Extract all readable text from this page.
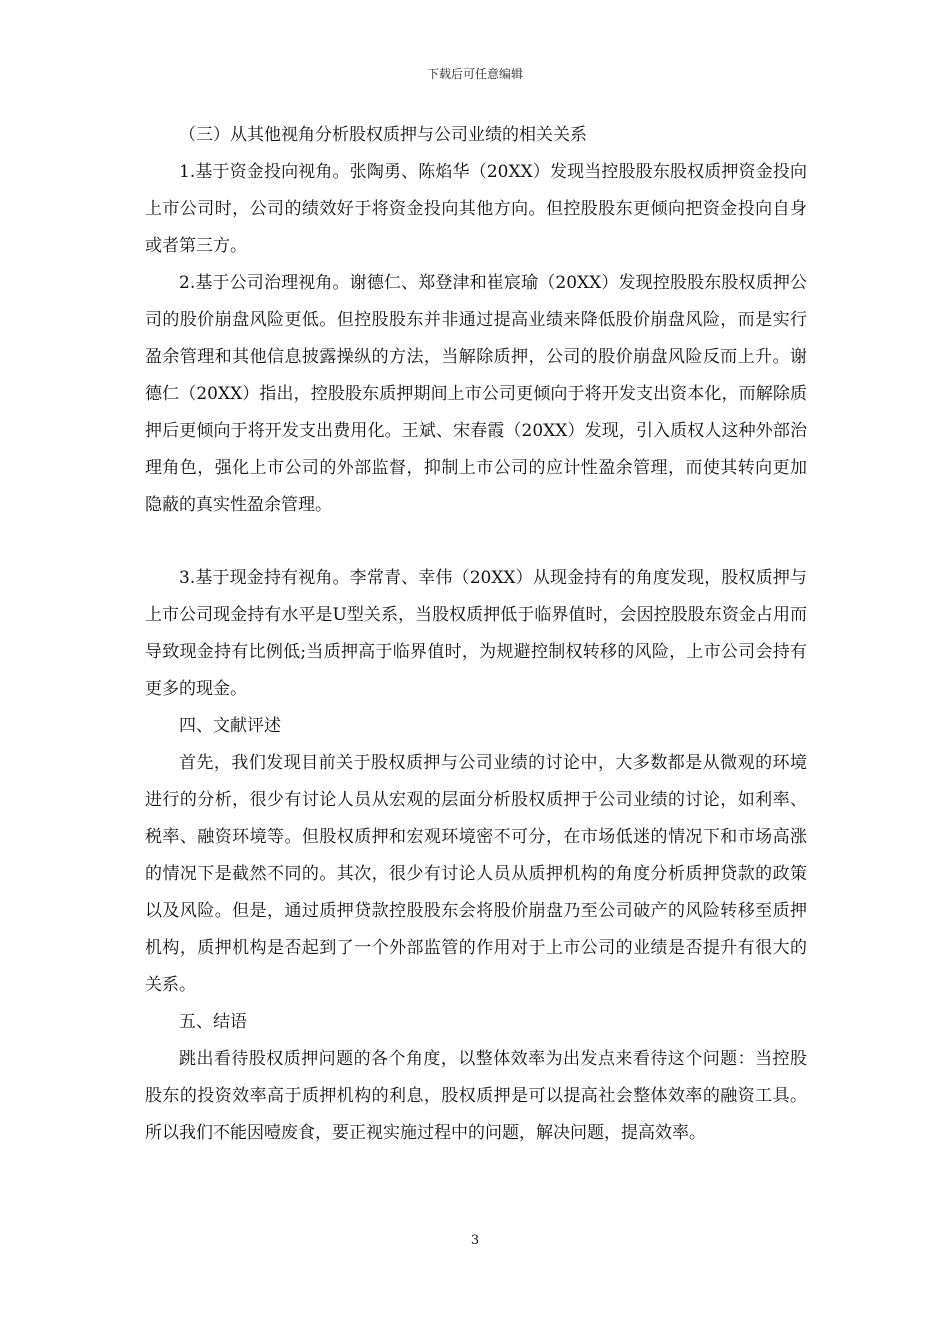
下载后可任意编辑

（三）从其他视角分析股权质押与公司业绩的相关关系

1.基于资金投向视角。张陶勇、陈焰华（20XX）发现当控股股东股权质押资金投向上市公司时，公司的绩效好于将资金投向其他方向。但控股股东更倾向把资金投向自身或者第三方。

2.基于公司治理视角。谢德仁、郑登津和崔宸瑜（20XX）发现控股股东股权质押公司的股价崩盘风险更低。但控股股东并非通过提高业绩来降低股价崩盘风险，而是实行盈余管理和其他信息披露操纵的方法，当解除质押，公司的股价崩盘风险反而上升。谢德仁（20XX）指出，控股股东质押期间上市公司更倾向于将开发支出资本化，而解除质押后更倾向于将开发支出费用化。王斌、宋春霞（20XX）发现，引入质权人这种外部治理角色，强化上市公司的外部监督，抑制上市公司的应计性盈余管理，而使其转向更加隐蔽的真实性盈余管理。

3.基于现金持有视角。李常青、幸伟（20XX）从现金持有的角度发现，股权质押与上市公司现金持有水平是U型关系，当股权质押低于临界值时，会因控股股东资金占用而导致现金持有比例低;当质押高于临界值时，为规避控制权转移的风险，上市公司会持有更多的现金。

四、文献评述

首先，我们发现目前关于股权质押与公司业绩的讨论中，大多数都是从微观的环境进行的分析，很少有讨论人员从宏观的层面分析股权质押于公司业绩的讨论，如利率、税率、融资环境等。但股权质押和宏观环境密不可分，在市场低迷的情况下和市场高涨的情况下是截然不同的。其次，很少有讨论人员从质押机构的角度分析质押贷款的政策以及风险。但是，通过质押贷款控股股东会将股价崩盘乃至公司破产的风险转移至质押机构，质押机构是否起到了一个外部监管的作用对于上市公司的业绩是否提升有很大的关系。

五、结语

跳出看待股权质押问题的各个角度，以整体效率为出发点来看待这个问题：当控股股东的投资效率高于质押机构的利息，股权质押是可以提高社会整体效率的融资工具。所以我们不能因噎废食，要正视实施过程中的问题，解决问题，提高效率。

3
